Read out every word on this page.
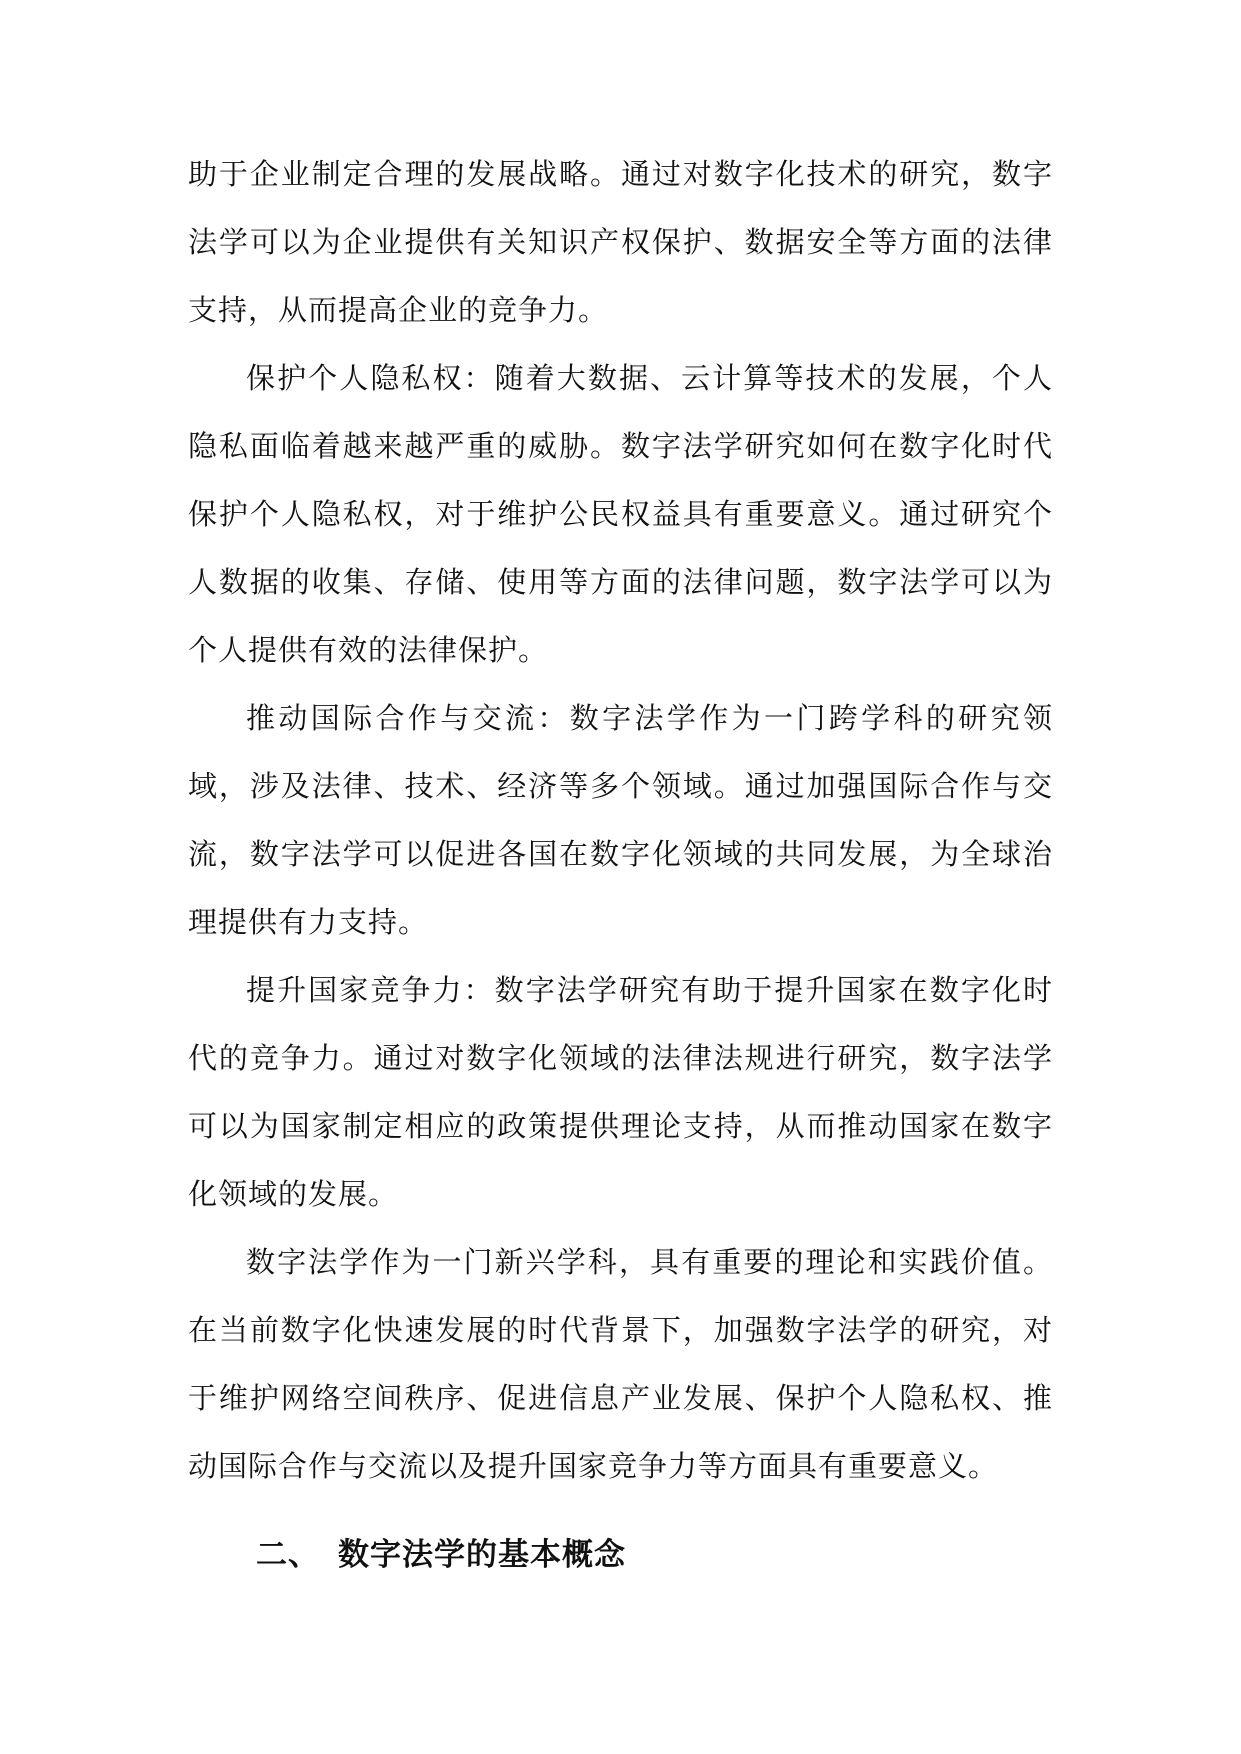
助于企业制定合理的发展战略。通过对数字化技术的研究，数字法学可以为企业提供有关知识产权保护、数据安全等方面的法律支持，从而提高企业的竞争力。

保护个人隐私权：随着大数据、云计算等技术的发展，个人隐私面临着越来越严重的威胁。数字法学研究如何在数字化时代保护个人隐私权，对于维护公民权益具有重要意义。通过研究个人数据的收集、存储、使用等方面的法律问题，数字法学可以为个人提供有效的法律保护。

推动国际合作与交流：数字法学作为一门跨学科的研究领域，涉及法律、技术、经济等多个领域。通过加强国际合作与交流，数字法学可以促进各国在数字化领域的共同发展，为全球治理提供有力支持。

提升国家竞争力：数字法学研究有助于提升国家在数字化时代的竞争力。通过对数字化领域的法律法规进行研究，数字法学可以为国家制定相应的政策提供理论支持，从而推动国家在数字化领域的发展。

数字法学作为一门新兴学科，具有重要的理论和实践价值。在当前数字化快速发展的时代背景下，加强数字法学的研究，对于维护网络空间秩序、促进信息产业发展、保护个人隐私权、推动国际合作与交流以及提升国家竞争力等方面具有重要意义。

二、 数字法学的基本概念
